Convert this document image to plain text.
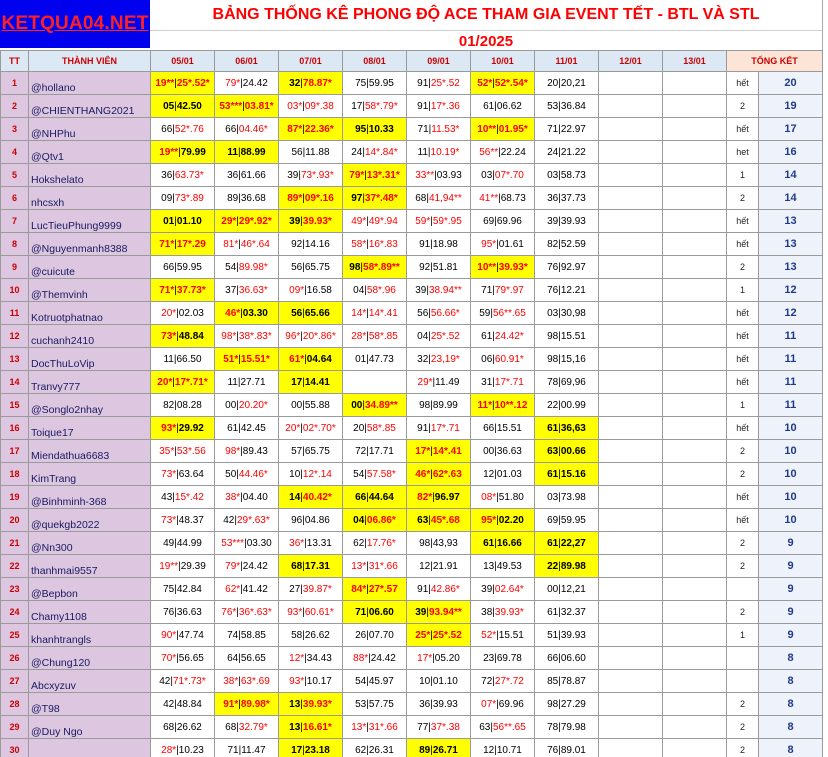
KETQUA04.NET	BẢNG THỐNG KÊ PHONG ĐỘ ACE THAM GIA EVENT TẾT - BTL VÀ STL
01/2025
TT	THÀNH VIÊN	05/01	06/01	07/01	08/01	09/01	10/01	11/01	12/01	13/01	TỔNG KẾT	
1	@hollano	19**|25*.52*	79*|24.42	32|78.87*	75|59.95	91|25*.52	52*|52*.54*	20|20,21			hết	20
2	@CHIENTHANG2021	05|42.50	53***|03.81*	03*|09*.38	17|58*.79*	91|17*.36	61|06.62	53|36.84			2	19
3	@NHPhu	66|52*.76	66|04.46*	87*|22.36*	95|10.33	71|11.53*	10**|01.95*	71|22.97			hết	17
4	@Qtv1	19**|79.99	11|88.99	56|11.88	24|14*.84*	11|10.19*	56**|22.24	24|21.22			het	16
5	Hokshelato	36|63.73*	36|61.66	39|73*.93*	79*|13*.31*	33**|03.93	03|07*.70	03|58.73			1	14
6	nhcsxh	09|73*.89	89|36.68	89*|09*.16	97|37*.48*	68|41,94**	41**|68.73	36|37.73			2	14
7	LucTieuPhung9999	01|01.10	29*|29*.92*	39|39.93*	49*|49*.94	59*|59*.95	69|69.96	39|39.93			hết	13
8	@Nguyenmanh8388	71*|17*.29	81*|46*.64	92|14.16	58*|16*.83	91|18.98	95*|01.61	82|52.59			hết	13
9	@cuicute	66|59.95	54|89.98*	56|65.75	98|58*.89**	92|51.81	10**|39.93*	76|92.97			2	13
10	@Themvinh	71*|37.73*	37|36.63*	09*|16.58	04|58*.96	39|38.94**	71|79*.97	76|12.21			1	12
11	Kotruotphatnao	20*|02.03	46*|03.30	56|65.66	14*|14*.41	56|56.66*	59|56**.65	03|30,98			hết	12
12	cuchanh2410	73*|48.84	98*|38*.83*	96*|20*.86*	28*|58*.85	04|25*.52	61|24.42*	98|15.51			hết	11
13	DocThuLoVip	11|66.50	51*|15.51*	61*|04.64	01|47.73	32|23,19*	06|60.91*	98|15,16			hết	11
14	Tranvy777	20*|17*.71*	11|27.71	17|14.41		29*|11.49	31|17*.71	78|69,96			hết	11
15	@Songlo2nhay	82|08.28	00|20.20*	00|55.88	00|34.89**	98|89.99	11*|10**.12	22|00.99			1	11
16	Toique17	93*|29.92	61|42.45	20*|02*.70*	20|58*.85	91|17*.71	66|15.51	61|36,63			hết	10
17	Miendathua6683	35*|53*.56	98*|89.43	57|65.75	72|17.71	17*|14*.41	00|36.63	63|00.66			2	10
18	KimTrang	73*|63.64	50|44.46*	10|12*.14	54|57.58*	46*|62*.63	12|01.03	61|15.16			2	10
19	@Binhminh-368	43|15*.42	38*|04.40	14|40.42*	66|44.64	82*|96.97	08*|51.80	03|73.98			hết	10
20	@quekgb2022	73*|48.37	42|29*.63*	96|04.86	04|06.86*	63|45*.68	95*|02.20	69|59.95			hết	10
21	@Nn300	49|44.99	53***|03.30	36*|13.31	62|17.76*	98|43,93	61|16.66	61|22,27			2	9
22	thanhmai9557	19**|29.39	79*|24.42	68|17.31	13*|31*.66	12|21.91	13|49.53	22|89.98			2	9
23	@Bepbon	75|42.84	62*|41.42	27|39.87*	84*|27*.57	91|42.86*	39|02.64*	00|12,21				9
24	Chamy1108	76|36.63	76*|36*.63*	93*|60.61*	71|06.60	39|93.94**	38|39.93*	61|32.37			2	9
25	khanhtrangls	90*|47.74	74|58.85	58|26.62	26|07.70	25*|25*.52	52*|15.51	51|39.93			1	9
26	@Chung120	70*|56.65	64|56.65	12*|34.43	88*|24.42	17*|05.20	23|69.78	66|06.60				8
27	Abcxyzuv	42|71*.73*	38*|63*.69	93*|10.17	54|45.97	10|01.10	72|27*.72	85|78.87				8
28	@T98	42|48.84	91*|89.98*	13|39.93*	53|57.75	36|39.93	07*|69.96	98|27.29			2	8
29	@Duy Ngo	68|26.62	68|32.79*	13|16.61*	13*|31*.66	77|37*.38	63|56**.65	78|79.98			2	8
30		28*|10.23	71|11.47	17|23.18	62|26.31	89|26.71	12|10.71	76|89.01			2	8
